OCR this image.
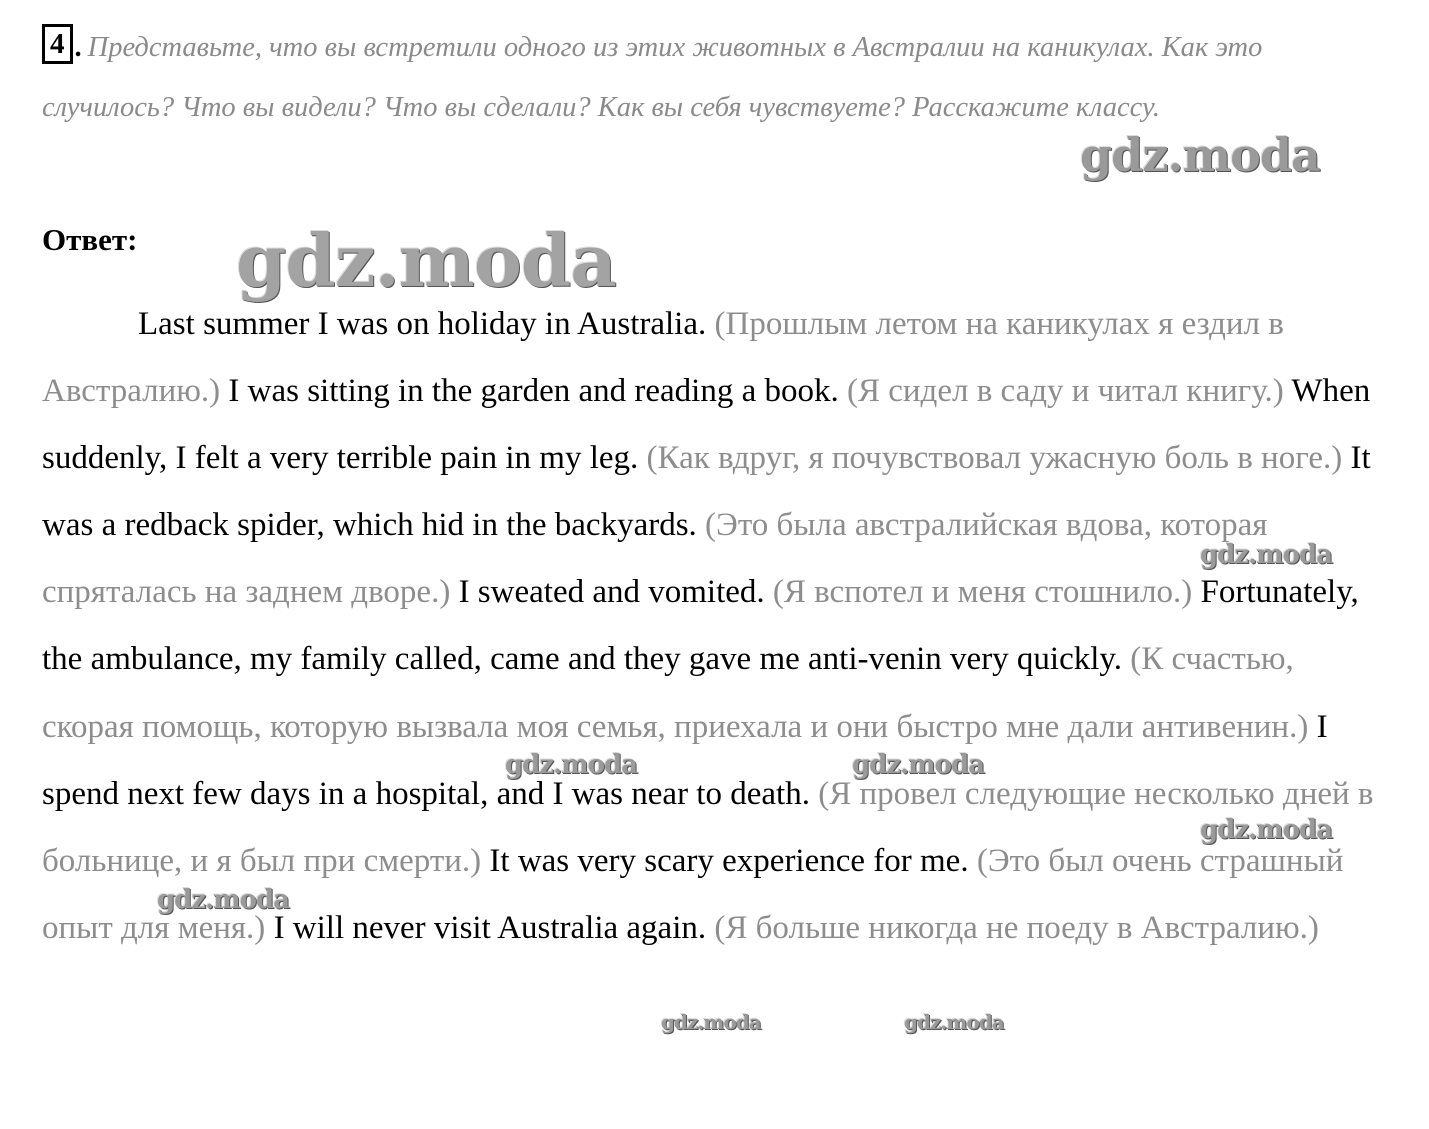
4 . Представьте, что вы встретили одного из этих животных в Австралии на каникулах. Как это случилось? Что вы видели? Что вы сделали? Как вы себя чувствуете? Расскажите классу.
Ответ:

Last summer I was on holiday in Australia. (Прошлым летом на каникулах я ездил в Австралию.) I was sitting in the garden and reading a book. (Я сидел в саду и читал книгу.) When suddenly, I felt a very terrible pain in my leg. (Как вдруг, я почувствовал ужасную боль в ноге.) It was a redback spider, which hid in the backyards. (Это была австралийская вдова, которая спряталась на заднем дворе.) I sweated and vomited. (Я вспотел и меня стошнило.) Fortunately, the ambulance, my family called, came and they gave me anti-venin very quickly. (К счастью, скорая помощь, которую вызвала моя семья, приехала и они быстро мне дали антивенин.) I spend next few days in a hospital, and I was near to death. (Я провел следующие несколько дней в больнице, и я был при смерти.) It was very scary experience for me. (Это был очень страшный опыт для меня.) I will never visit Australia again. (Я больше никогда не поеду в Австралию.)

gdz.moda
gdz.moda
gdz.moda
gdz.moda	gdz.moda
gdz.moda
gdz.moda
gdz.moda	gdz.moda
